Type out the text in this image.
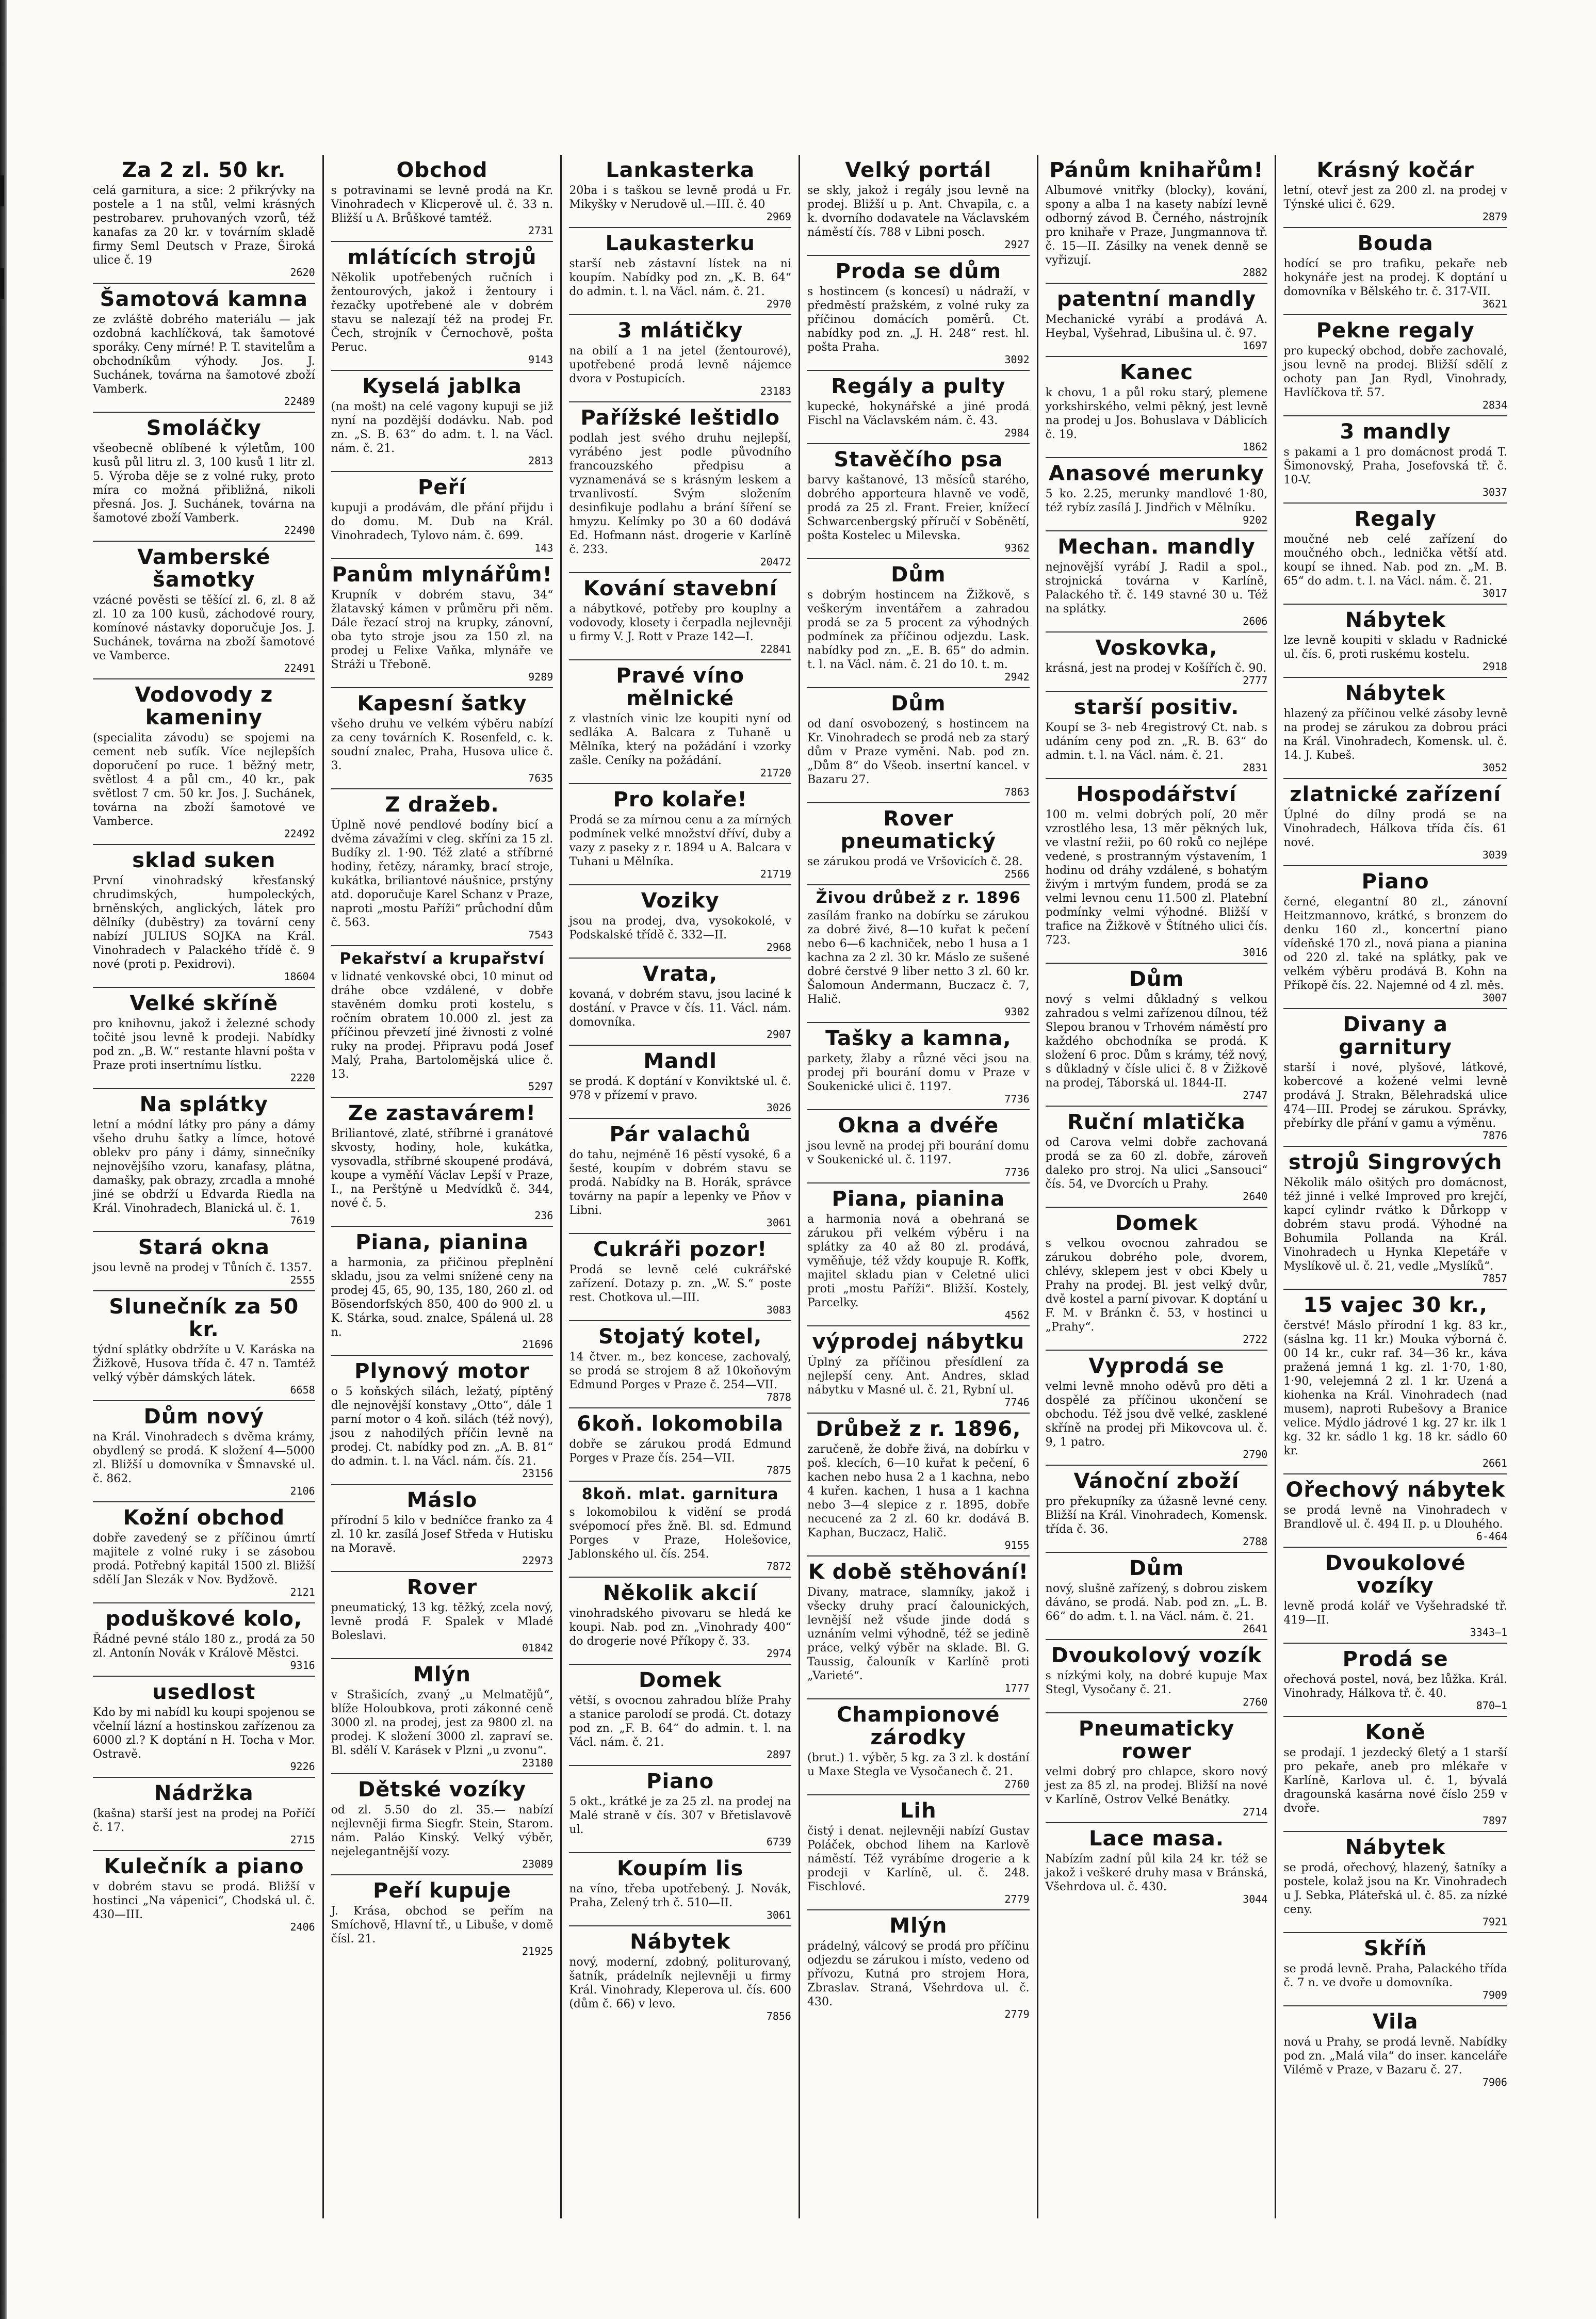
Za 2 zl. 50 kr.
celá garnitura, a sice: 2 přikrývky na postele a 1 na stůl, velmi krásných pestrobarev. pruhovaných vzorů, též kanafas za 20 kr. v továrním skladě firmy Seml Deutsch v Praze, Široká ulice č. 19
2620
Šamotová kamna
ze zvláště dobrého materiálu — jak ozdobná kachlíčková, tak šamotové sporáky. Ceny mírné! P. T. stavitelům a obchodníkům výhody. Jos. J. Suchánek, továrna na šamotové zboží Vamberk.
22489
Smoláčky
všeobecně oblíbené k výletům, 100 kusů půl litru zl. 3, 100 kusů 1 litr zl. 5. Výroba děje se z volné ruky, proto míra co možná přibližná, nikoli přesná. Jos. J. Suchánek, továrna na šamotové zboží Vamberk.
22490
Vamberské šamotky
vzácné pověsti se těšící zl. 6, zl. 8 až zl. 10 za 100 kusů, záchodové roury, komínové nástavky doporučuje Jos. J. Suchánek, továrna na zboží šamotové ve Vamberce.
22491
Vodovody z kameniny
(specialita závodu) se spojemi na cement neb suťík. Více nejlepších doporučení po ruce. 1 běžný metr, světlost 4 a půl cm., 40 kr., pak světlost 7 cm. 50 kr. Jos. J. Suchánek, továrna na zboží šamotové ve Vamberce.
22492
sklad suken
První vinohradský křesťanský chrudimských, humpoleckých, brněnských, anglických, látek pro dělníky (duběstry) za tovární ceny nabízí JULIUS SOJKA na Král. Vinohradech v Palackého třídě č. 9 nové (proti p. Pexidrovi).
18604
Velké skříně
pro knihovnu, jakož i železné schody točité jsou levně k prodeji. Nabídky pod zn. „B. W.“ restante hlavní pošta v Praze proti insertnímu lístku.
2220
Na splátky
letní a módní látky pro pány a dámy všeho druhu šatky a límce, hotové oblekv pro pány i dámy, sinnečníky nejnovějšího vzoru, kanafasy, plátna, damašky, pak obrazy, zrcadla a mnohé jiné se obdrží u Edvarda Riedla na Král. Vinohradech, Blanická ul. č. 1.
7619
Stará okna
jsou levně na prodej v Tůních č. 1357.
2555
Slunečník za 50 kr.
týdní splátky obdržíte u V. Karáska na Žižkově, Husova třída č. 47 n. Tamtéž velký výběr dámských látek.
6658
Dům nový
na Král. Vinohradech s dvěma krámy, obydlený se prodá. K složení 4—5000 zl. Bližší u domovníka v Šmnavské ul. č. 862.
2106
Kožní obchod
dobře zavedený se z příčinou úmrtí majitele z volné ruky i se zásobou prodá. Potřebný kapitál 1500 zl. Bližší sdělí Jan Slezák v Nov. Bydžově.
2121
poduškové kolo,
Řádné pevné stálo 180 z., prodá za 50 zl. Antonín Novák v Králově Městci.
9316
usedlost
Kdo by mi nabídl ku koupi spojenou se včelníí lázní a hostinskou zařízenou za 6000 zl.? K doptání n H. Tocha v Mor. Ostravě.
9226
Nádržka
(kašna) starší jest na prodej na Poříčí č. 17.
2715
Kulečník a piano
v dobrém stavu se prodá. Bližší v hostinci „Na vápenici“, Chodská ul. č. 430—III.
2406
Obchod
s potravinami se levně prodá na Kr. Vinohradech v Klicperově ul. č. 33 n. Bližší u A. Brůškové tamtéž.
2731
mlátících strojů
Několik upotřebených ručních i žentourových, jakož i žentoury i řezačky upotřebené ale v dobrém stavu se nalezají též na prodej Fr. Čech, strojník v Černochově, pošta Peruc.
9143
Kyselá jablka
(na mošt) na celé vagony kupuji se již nyní na pozdější dodávku. Nab. pod zn. „S. B. 63“ do adm. t. l. na Václ. nám. č. 21.
2813
Peří
kupuji a prodávám, dle přání přijdu i do domu. M. Dub na Král. Vinohradech, Tylovo nám. č. 699.
143
Panům mlynářům!
Krupník v dobrém stavu, 34“ žlatavský kámen v průměru při něm. Dále řezací stroj na krupky, zánovní, oba tyto stroje jsou za 150 zl. na prodej u Felixe Vaňka, mlynáře ve Stráži u Třeboně.
9289
Kapesní šatky
všeho druhu ve velkém výběru nabízí za ceny továrních K. Rosenfeld, c. k. soudní znalec, Praha, Husova ulice č. 3.
7635
Z dražeb.
Úplně nové pendlové bodíny bicí a dvěma závažími v cleg. skříni za 15 zl. Budíky zl. 1·90. Též zlaté a stříbrné hodiny, řetězy, náramky, brací stroje, kukátka, briliantové náušnice, prstýny atd. doporučuje Karel Schanz v Praze, naproti „mostu Paříži“ průchodní dům č. 563.
7543
Pekařství a krupařství
v lidnaté venkovské obci, 10 minut od dráhe obce vzdálené, v dobře stavěném domku proti kostelu, s ročním obratem 10.000 zl. jest za příčinou převzetí jiné živnosti z volné ruky na prodej. Připravu podá Josef Malý, Praha, Bartolomějská ulice č. 13.
5297
Ze zastavárem!
Briliantové, zlaté, stříbrné i granátové skvosty, hodiny, hole, kukátka, vysovadla, stříbrné skoupené prodává, koupe a vyměňí Václav Lepší v Praze, I., na Perštýně u Medvídků č. 344, nové č. 5.
236
Piana, pianina
a harmonia, za přičinou přeplnění skladu, jsou za velmi snížené ceny na prodej 45, 65, 90, 135, 180, 260 zl. od Bösendorfských 850, 400 do 900 zl. u K. Stárka, soud. znalce, Spálená ul. 28 n.
21696
Plynový motor
o 5 koňských silách, ležatý, píptěný dle nejnovější konstavy „Otto“, dále 1 parní motor o 4 koň. silách (též nový), jsou z nahodilých příčin levně na prodej. Ct. nabídky pod zn. „A. B. 81“ do admin. t. l. na Václ. nám. čís. 21.
23156
Máslo
přírodní 5 kilo v bedníčce franko za 4 zl. 10 kr. zasílá Josef Středa v Hutisku na Moravě.
22973
Rover
pneumatický, 13 kg. těžký, zcela nový, levně prodá F. Spalek v Mladé Boleslavi.
01842
Mlýn
v Strašicích, zvaný „u Melmatějů“, blíže Holoubkova, proti zákonné ceně 3000 zl. na prodej, jest za 9800 zl. na prodej. K složení 3000 zl. zapraví se. Bl. sdělí V. Karásek v Plzni „u zvonu“.
23180
Dětské vozíky
od zl. 5.50 do zl. 35.— nabízí nejlevněji firma Siegfr. Stein, Starom. nám. Paláo Kinský. Velký výběr, nejelegantnější vozy.
23089
Peří kupuje
J. Krása, obchod se peřím na Smíchově, Hlavní tř., u Libuše, v domě čísl. 21.
21925
Lankasterka
20ba i s taškou se levně prodá u Fr. Mikyšky v Nerudově ul.—III. č. 40
2969
Laukasterku
starší neb zástavní lístek na ni koupím. Nabídky pod zn. „K. B. 64“ do admin. t. l. na Václ. nám. č. 21.
2970
3 mlátičky
na obilí a 1 na jetel (žentourové), upotřebené prodá levně nájemce dvora v Postupicích.
23183
Pařížské leštidlo
podlah jest svého druhu nejlepší, vyrábéno jest podle původního francouzského předpisu a vyznamenává se s krásným leskem a trvanlivostí. Svým složením desinfikuje podlahu a brání šíření se hmyzu. Kelímky po 30 a 60 dodává Ed. Hofmann nást. drogerie v Karlíně č. 233.
20472
Kování stavební
a nábytkové, potřeby pro kouplny a vodovody, klosety i čerpadla nejlevněji u firmy V. J. Rott v Praze 142—I.
22841
Pravé víno mělnické
z vlastních vinic lze koupiti nyní od sedláka A. Balcara z Tuhaně u Mělníka, který na požádání i vzorky zašle. Ceníky na požádání.
21720
Pro kolaře!
Prodá se za mírnou cenu a za mírných podmínek velké množství dříví, duby a vazy z paseky z r. 1894 u A. Balcara v Tuhani u Mělníka.
21719
Voziky
jsou na prodej, dva, vysokokolé, v Podskalské třídě č. 332—II.
2968
Vrata,
kovaná, v dobrém stavu, jsou laciné k dostání. v Pravce v čís. 11. Václ. nám. domovníka.
2907
Mandl
se prodá. K doptání v Konviktské ul. č. 978 v přízemí v pravo.
3026
Pár valachů
do tahu, nejméně 16 pěstí vysoké, 6 a šesté, koupím v dobrém stavu se prodá. Nabídky na B. Horák, správce továrny na papír a lepenky ve Pňov v Libni.
3061
Cukráři pozor!
Prodá se levně celé cukrářské zařízení. Dotazy p. zn. „W. S.“ poste rest. Chotkova ul.—III.
3083
Stojatý kotel,
14 čtver. m., bez koncese, zachovalý, se prodá se strojem 8 až 10koňovým Edmund Porges v Praze č. 254—VII.
7878
6koň. lokomobila
dobře se zárukou prodá Edmund Porges v Praze čís. 254—VII.
7875
8koň. mlat. garnitura
s lokomobilou k vidění se prodá svépomocí přes žně. Bl. sd. Edmund Porges v Praze, Holešovice, Jablonského ul. čís. 254.
7872
Několik akcií
vinohradského pivovaru se hledá ke koupi. Nab. pod zn. „Vinohrady 400“ do drogerie nové Příkopy č. 33.
2974
Domek
větší, s ovocnou zahradou blíže Prahy a stanice parolodí se prodá. Ct. dotazy pod zn. „F. B. 64“ do admin. t. l. na Václ. nám. č. 21.
2897
Piano
5 okt., krátké je za 25 zl. na prodej na Malé straně v čís. 307 v Břetislavově ul.
6739
Koupím lis
na víno, třeba upotřebený. J. Novák, Praha, Zelený trh č. 510—II.
3061
Nábytek
nový, moderní, zdobný, politurovaný, šatník, prádelník nejlevněji u firmy Král. Vinohrady, Kleperova ul. čís. 600 (dům č. 66) v levo.
7856
Velký portál
se skly, jakož i regály jsou levně na prodej. Bližší u p. Ant. Chvapila, c. a k. dvorního dodavatele na Václavském náměstí čís. 788 v Libni posch.
2927
Proda se dům
s hostincem (s koncesí) u nádraží, v předměstí pražském, z volné ruky za příčinou domácích poměrů. Ct. nabídky pod zn. „J. H. 248“ rest. hl. pošta Praha.
3092
Regály a pulty
kupecké, hokynářské a jiné prodá Fischl na Václavském nám. č. 43.
2984
Stavěčího psa
barvy kaštanové, 13 měsíců starého, dobrého apporteura hlavně ve vodě, prodá za 25 zl. Frant. Freier, knížecí Schwarcenbergský příručí v Soběnětí, pošta Kostelec u Milevska.
9362
Dům
s dobrým hostincem na Žižkově, s veškerým inventářem a zahradou prodá se za 5 procent za výhodných podmínek za příčinou odjezdu. Lask. nabídky pod zn. „E. B. 65“ do admin. t. l. na Václ. nám. č. 21 do 10. t. m.
2942
Dům
od daní osvobozený, s hostincem na Kr. Vinohradech se prodá neb za starý dům v Praze vyměni. Nab. pod zn. „Dům 8“ do Všeob. insertní kancel. v Bazaru 27.
7863
Rover pneumatický
se zárukou prodá ve Vršovicích č. 28.
2566
Živou drůbež z r. 1896
zasílám franko na dobírku se zárukou za dobré živé, 8—10 kuřat k pečení nebo 6—6 kachniček, nebo 1 husa a 1 kachna za 2 zl. 30 kr. Máslo ze sušené dobré čerstvé 9 liber netto 3 zl. 60 kr. Šalomoun Andermann, Buczacz č. 7, Halič.
9302
Tašky a kamna,
parkety, žlaby a různé věci jsou na prodej při bourání domu v Praze v Soukenické ulici č. 1197.
7736
Okna a dvéře
jsou levně na prodej při bourání domu v Soukenické ul. č. 1197.
7736
Piana, pianina
a harmonia nová a obehraná se zárukou při velkém výběru i na splátky za 40 až 80 zl. prodává, vyměňuje, též vždy koupuje R. Koffk, majitel skladu pian v Celetné ulici proti „mostu Paříži“. Bližší. Kostely, Parcelky.
4562
výprodej nábytku
Úplný za příčinou přesídlení za nejlepší ceny. Ant. Andres, sklad nábytku v Masné ul. č. 21, Rybní ul.
7746
Drůbež z r. 1896,
zaručeně, že dobře živá, na dobírku v poš. klecích, 6—10 kuřat k pečení, 6 kachen nebo husa 2 a 1 kachna, nebo 4 kuřen. kachen, 1 husa a 1 kachna nebo 3—4 slepice z r. 1895, dobře necucené za 2 zl. 60 kr. dodává B. Kaphan, Buczacz, Halič.
9155
K době stěhování!
Divany, matrace, slamníky, jakož i všecky druhy prací čalounických, levnější než všude jinde dodá s uznáním velmi výhodně, též se jedině práce, velký výběr na sklade. Bl. G. Taussig, čalouník v Karlíně proti „Varieté“.
1777
Championové zárodky
(brut.) 1. výběr, 5 kg. za 3 zl. k dostání u Maxe Stegla ve Vysočanech č. 21.
2760
Lih
čistý i denat. nejlevněji nabízí Gustav Poláček, obchod lihem na Karlově náměstí. Též vyrábíme drogerie a k prodeji v Karlíně, ul. č. 248. Fischlové.
2779
Mlýn
prádelný, válcový se prodá pro příčinu odjezdu se zárukou i místo, vedeno od přívozu, Kutná pro strojem Hora, Zbraslav. Straná, Všehrdova ul. č. 430.
2779
Pánům knihařům!
Albumové vnitřky (blocky), kování, spony a alba 1 na kasety nabízí levně odborný závod B. Černého, nástrojník pro knihaře v Praze, Jungmannova tř. č. 15—II. Zásilky na venek denně se vyřizují.
2882
patentní mandly
Mechanické vyrábí a prodává A. Heybal, Vyšehrad, Libušina ul. č. 97.
1697
Kanec
k chovu, 1 a půl roku starý, plemene yorkshirského, velmi pěkný, jest levně na prodej u Jos. Bohuslava v Dáblicích č. 19.
1862
Anasové merunky
5 ko. 2.25, merunky mandlové 1·80, též rybíz zasílá J. Jindřich v Mělníku.
9202
Mechan. mandly
nejnovější vyrábí J. Radil a spol., strojnická továrna v Karlíně, Palackého tř. č. 149 stavné 30 u. Též na splátky.
2606
Voskovka,
krásná, jest na prodej v Košířích č. 90.
2777
starší positiv.
Koupí se 3- neb 4registrový Ct. nab. s udáním ceny pod zn. „R. B. 63“ do admin. t. l. na Václ. nám. č. 21.
2831
Hospodářství
100 m. velmi dobrých polí, 20 měr vzrostlého lesa, 13 měr pěkných luk, ve vlastní režii, po 60 roků co nejlépe vedené, s prostranným výstavením, 1 hodinu od dráhy vzdálené, s bohatým živým i mrtvým fundem, prodá se za velmi levnou cenu 11.500 zl. Platební podmínky velmi výhodné. Bližší v trafice na Žižkově v Štítného ulici čís. 723.
3016
Dům
nový s velmi důkladný s velkou zahradou s velmi zařízenou dílnou, též Slepou branou v Trhovém náměstí pro každého obchodníka se prodá. K složení 6 proc. Dům s krámy, též nový, s důkladný v čísle ulici č. 8 v Žižkově na prodej, Táborská ul. 1844-II.
2747
Ruční mlatička
od Carova velmi dobře zachovaná prodá se za 60 zl. dobře, zároveň daleko pro stroj. Na ulici „Sansouci“ čís. 54, ve Dvorcích u Prahy.
2640
Domek
s velkou ovocnou zahradou se zárukou dobrého pole, dvorem, chlévy, sklepem jest v obci Kbely u Prahy na prodej. Bl. jest velký dvůr, dvě kostel a parní pivovar. K doptání u F. M. v Bránkn č. 53, v hostinci u „Prahy“.
2722
Vyprodá se
velmi levně mnoho oděvů pro děti a dospělé za příčinou ukončení se obchodu. Též jsou dvě velké, zasklené skříně na prodej při Mikovcova ul. č. 9, 1 patro.
2790
Vánoční zboží
pro překupníky za úžasně levné ceny. Bližší na Král. Vinohradech, Komensk. třída č. 36.
2788
Dům
nový, slušně zařízený, s dobrou ziskem dáváno, se prodá. Nab. pod zn. „L. B. 66“ do adm. t. l. na Václ. nám. č. 21.
2641
Dvoukolový vozík
s nízkými koly, na dobré kupuje Max Stegl, Vysočany č. 21.
2760
Pneumaticky rower
velmi dobrý pro chlapce, skoro nový jest za 85 zl. na prodej. Bližší na nové v Karlíně, Ostrov Velké Benátky.
2714
Lace masa.
Nabízím zadní půl kila 24 kr. též se jakož i veškeré druhy masa v Bránská, Všehrdova ul. č. 430.
3044
Krásný kočár
letní, otevř jest za 200 zl. na prodej v Týnské ulici č. 629.
2879
Bouda
hodící se pro trafiku, pekaře neb hokynáře jest na prodej. K doptání u domovníka v Bělského tr. č. 317-VII.
3621
Pekne regaly
pro kupecký obchod, dobře zachovalé, jsou levně na prodej. Bližší sdělí z ochoty pan Jan Rydl, Vinohrady, Havlíčkova tř. 57.
2834
3 mandly
s pakami a 1 pro domácnost prodá T. Šimonovský, Praha, Josefovská tř. č. 10-V.
3037
Regaly
moučné neb celé zařízení do moučného obch., lednička větší atd. koupí se ihned. Nab. pod zn. „M. B. 65“ do adm. t. l. na Václ. nám. č. 21.
3017
Nábytek
lze levně koupiti v skladu v Radnické ul. čís. 6, proti ruskému kostelu.
2918
Nábytek
hlazený za příčinou velké zásoby levně na prodej se zárukou za dobrou práci na Král. Vinohradech, Komensk. ul. č. 14. J. Kubeš.
3052
zlatnické zařízení
Úplné do dílny prodá se na Vinohradech, Hálkova třída čís. 61 nové.
3039
Piano
černé, elegantní 80 zl., zánovní Heitzmannovo, krátké, s bronzem do denku 160 zl., koncertní piano vídeňské 170 zl., nová piana a pianina od 220 zl. také na splátky, pak ve velkém výběru prodává B. Kohn na Příkopě čís. 22. Najemné od 4 zl. měs.
3007
Divany a garnitury
starší i nové, plyšové, látkové, kobercové a kožené velmi levně prodává J. Strakn, Bělehradská ulice 474—III. Prodej se zárukou. Správky, přebírky dle přání v gamu a výměnu.
7876
strojů Singrových
Několik málo ošitých pro domácnost, též jinné i velké Improved pro krejčí, kapcí cylindr rvátko k Důrkopp v dobrém stavu prodá. Výhodné na Bohumila Pollanda na Král. Vinohradech u Hynka Klepetáře v Myslíkově ul. č. 21, vedle „Myslíků“.
7857
15 vajec 30 kr.,
čerstvé! Máslo přírodní 1 kg. 83 kr., (sáslna kg. 11 kr.) Mouka výborná č. 00 14 kr., cukr raf. 34—36 kr., káva pražená jemná 1 kg. zl. 1·70, 1·80, 1·90, velejemná 2 zl. 1 kr. Uzená a kiohenka na Král. Vinohradech (nad musem), naproti Rubešovy a Branice velice. Mýdlo jádrové 1 kg. 27 kr. ilk 1 kg. 32 kr. sádlo 1 kg. 18 kr. sádlo 60 kr.
2661
Ořechový nábytek
se prodá levně na Vinohradech v Brandlově ul. č. 494 II. p. u Dlouhého.
6-464
Dvoukolové vozíky
levně prodá kolář ve Vyšehradské tř. 419—II.
3343—1
Prodá se
ořechová postel, nová, bez lůžka. Král. Vinohrady, Hálkova tř. č. 40.
870—1
Koně
se prodají. 1 jezdecký 6letý a 1 starší pro pekaře, aneb pro mlékaře v Karlíně, Karlova ul. č. 1, bývalá dragounská kasárna nové číslo 259 v dvoře.
7897
Nábytek
se prodá, ořechový, hlazený, šatníky a postele, kolaž jsou na Kr. Vinohradech u J. Sebka, Pláteřská ul. č. 85. za nízké ceny.
7921
Skříň
se prodá levně. Praha, Palackého třída č. 7 n. ve dvoře u domovníka.
7909
Vila
nová u Prahy, se prodá levně. Nabídky pod zn. „Malá vila“ do inser. kanceláře Vilémě v Praze, v Bazaru č. 27.
7906
